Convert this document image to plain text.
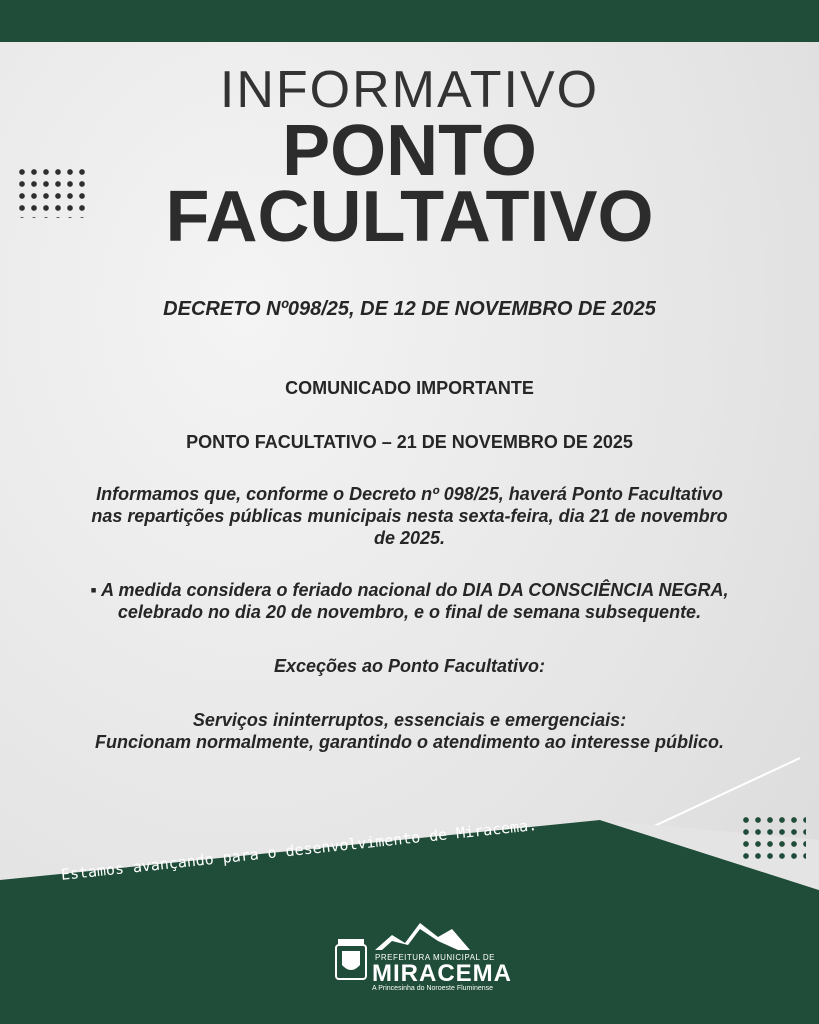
INFORMATIVO
PONTO
FACULTATIVO
DECRETO Nº098/25, DE 12 DE NOVEMBRO DE 2025
COMUNICADO IMPORTANTE
PONTO FACULTATIVO – 21 DE NOVEMBRO DE 2025
Informamos que, conforme o Decreto nº 098/25, haverá Ponto Facultativo
nas repartições públicas municipais nesta sexta-feira, dia 21 de novembro
de 2025.
▪ A medida considera o feriado nacional do DIA DA CONSCIÊNCIA NEGRA,
celebrado no dia 20 de novembro, e o final de semana subsequente.
Exceções ao Ponto Facultativo:
Serviços ininterruptos, essenciais e emergenciais:
Funcionam normalmente, garantindo o atendimento ao interesse público.
Estamos avançando para o desenvolvimento de Miracema.
PREFEITURA MUNICIPAL DE
MIRACEMA
A Princesinha do Noroeste Fluminense
